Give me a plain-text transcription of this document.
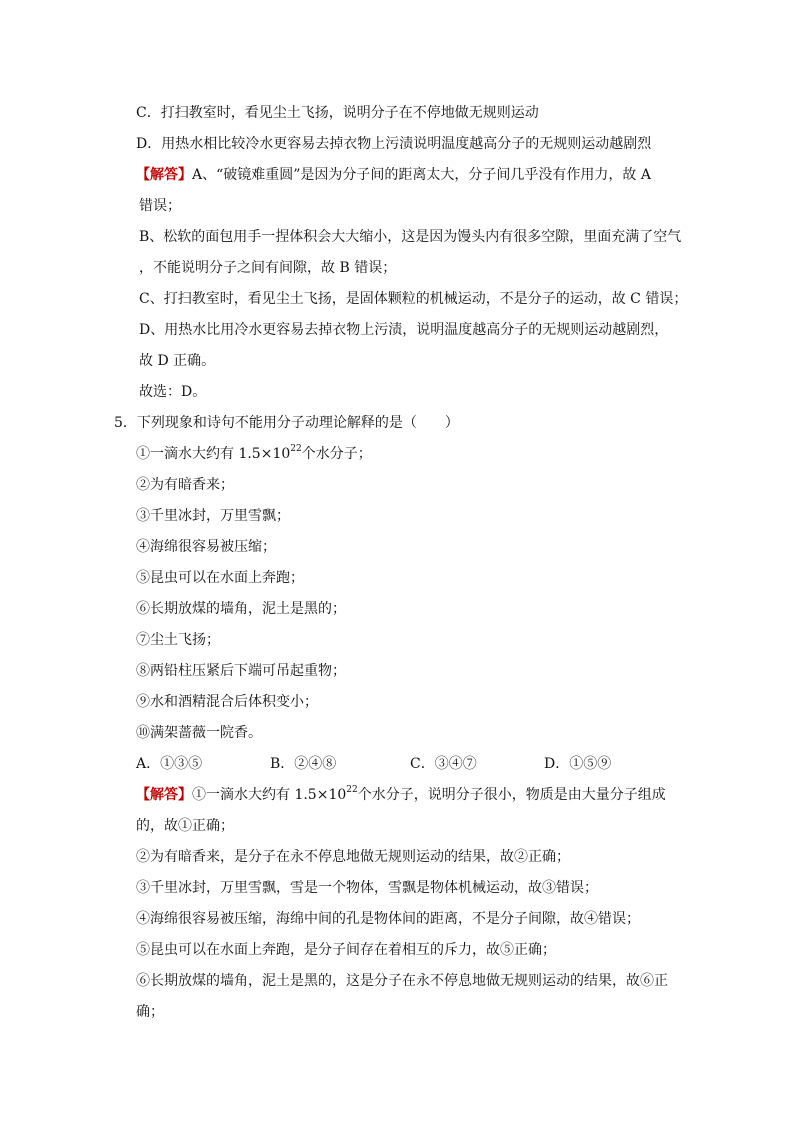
C．打扫教室时，看见尘土飞扬，说明分子在不停地做无规则运动
D．用热水相比较冷水更容易去掉衣物上污渍说明温度越高分子的无规则运动越剧烈
【解答】A、“破镜难重圆”是因为分子间的距离太大，分子间几乎没有作用力，故 A
错误；
B、松软的面包用手一捏体积会大大缩小，这是因为馒头内有很多空隙，里面充满了空气
，不能说明分子之间有间隙，故 B 错误；
C、打扫教室时，看见尘土飞扬，是固体颗粒的机械运动，不是分子的运动，故 C 错误；
D、用热水比用冷水更容易去掉衣物上污渍，说明温度越高分子的无规则运动越剧烈，
故 D 正确。
故选：D。
5．下列现象和诗句不能用分子动理论解释的是（　　）
①一滴水大约有 $1.5\times 10^{22}$个水分子；
②为有暗香来；
③千里冰封，万里雪飘；
④海绵很容易被压缩；
⑤昆虫可以在水面上奔跑；
⑥长期放煤的墙角，泥土是黑的；
⑦尘土飞扬；
⑧两铅柱压紧后下端可吊起重物；
⑨水和酒精混合后体积变小；
⑩满架蔷薇一院香。
A．①③⑤	B．②④⑧	C．③④⑦	D．①⑤⑨
【解答】①一滴水大约有 $1.5\times 10^{22}$个水分子，说明分子很小，物质是由大量分子组成
的，故①正确；
②为有暗香来，是分子在永不停息地做无规则运动的结果，故②正确；
③千里冰封，万里雪飘，雪是一个物体，雪飘是物体机械运动，故③错误；
④海绵很容易被压缩，海绵中间的孔是物体间的距离，不是分子间隙，故④错误；
⑤昆虫可以在水面上奔跑，是分子间存在着相互的斥力，故⑤正确；
⑥长期放煤的墙角，泥土是黑的，这是分子在永不停息地做无规则运动的结果，故⑥正
确；
